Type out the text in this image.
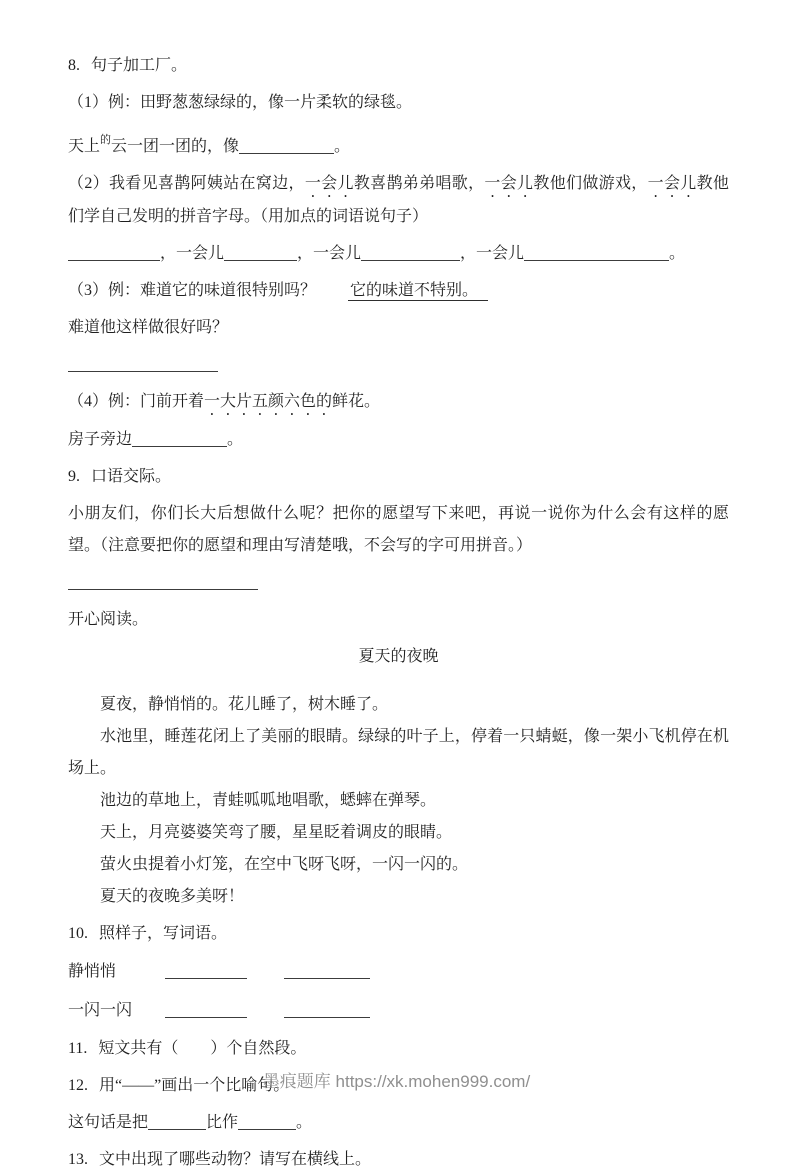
8. 句子加工厂。

（1）例：田野葱葱绿绿的，像一片柔软的绿毯。

天上$^的$云一团一团的，像	。

（2）我看见喜鹊阿姨站在窝边，一会儿教喜鹊弟弟唱歌，一会儿教他们做游戏，一会儿教他们学自己发明的拼音字母。（用加点的词语说句子）

，一会儿	，一会儿	，一会儿	。

（3）例：难道它的味道很特别吗？ 它的味道不特别。

难道他这样做很好吗？

（4）例：门前开着一大片五颜六色的鲜花。

房子旁边	。

9. 口语交际。

小朋友们，你们长大后想做什么呢？把你的愿望写下来吧，再说一说你为什么会有这样的愿望。（注意要把你的愿望和理由写清楚哦，不会写的字可用拼音。）

开心阅读。

夏天的夜晚

夏夜，静悄悄的。花儿睡了，树木睡了。

水池里，睡莲花闭上了美丽的眼睛。绿绿的叶子上，停着一只蜻蜓，像一架小飞机停在机场上。

池边的草地上，青蛙呱呱地唱歌，蟋蟀在弹琴。

天上，月亮婆婆笑弯了腰，星星眨着调皮的眼睛。

萤火虫提着小灯笼，在空中飞呀飞呀，一闪一闪的。

夏天的夜晚多美呀！

10. 照样子，写词语。

静悄悄
一闪一闪

11. 短文共有（　　）个自然段。

12. 用“——”画出一个比喻句。

这句话是把	比作	。

13. 文中出现了哪些动物？请写在横线上。

墨痕题库 https://xk.mohen999.com/
